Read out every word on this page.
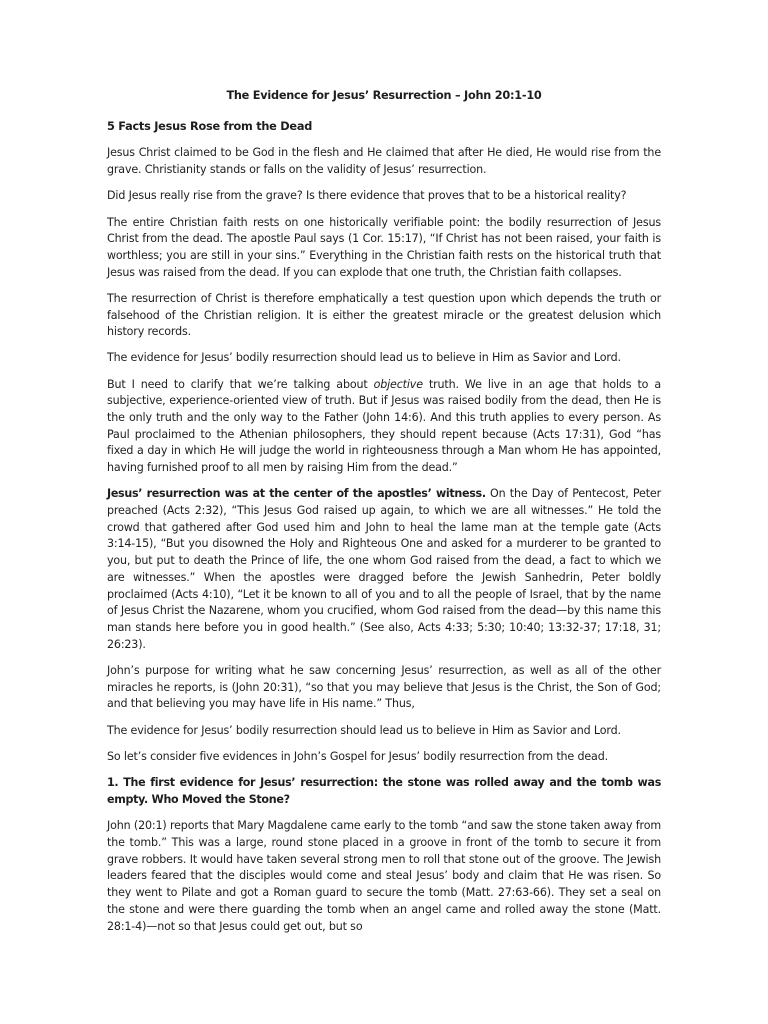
The Evidence for Jesus’ Resurrection – John 20:1-10
5 Facts Jesus Rose from the Dead

Jesus Christ claimed to be God in the flesh and He claimed that after He died, He would rise from the grave. Christianity stands or falls on the validity of Jesus’ resurrection.

Did Jesus really rise from the grave? Is there evidence that proves that to be a historical reality?

The entire Christian faith rests on one historically verifiable point: the bodily resurrection of Jesus Christ from the dead. The apostle Paul says (1 Cor. 15:17), “If Christ has not been raised, your faith is worthless; you are still in your sins.” Everything in the Christian faith rests on the historical truth that Jesus was raised from the dead. If you can explode that one truth, the Christian faith collapses.

The resurrection of Christ is therefore emphatically a test question upon which depends the truth or falsehood of the Christian religion. It is either the greatest miracle or the greatest delusion which history records.

The evidence for Jesus’ bodily resurrection should lead us to believe in Him as Savior and Lord.

But I need to clarify that we’re talking about objective truth. We live in an age that holds to a subjective, experience-oriented view of truth. But if Jesus was raised bodily from the dead, then He is the only truth and the only way to the Father (John 14:6). And this truth applies to every person. As Paul proclaimed to the Athenian philosophers, they should repent because (Acts 17:31), God “has fixed a day in which He will judge the world in righteousness through a Man whom He has appointed, having furnished proof to all men by raising Him from the dead.”

Jesus’ resurrection was at the center of the apostles’ witness. On the Day of Pentecost, Peter preached (Acts 2:32), “This Jesus God raised up again, to which we are all witnesses.” He told the crowd that gathered after God used him and John to heal the lame man at the temple gate (Acts 3:14-15), “But you disowned the Holy and Righteous One and asked for a murderer to be granted to you, but put to death the Prince of life, the one whom God raised from the dead, a fact to which we are witnesses.” When the apostles were dragged before the Jewish Sanhedrin, Peter boldly proclaimed (Acts 4:10), “Let it be known to all of you and to all the people of Israel, that by the name of Jesus Christ the Nazarene, whom you crucified, whom God raised from the dead—by this name this man stands here before you in good health.” (See also, Acts 4:33; 5:30; 10:40; 13:32-37; 17:18, 31; 26:23).

John’s purpose for writing what he saw concerning Jesus’ resurrection, as well as all of the other miracles he reports, is (John 20:31), “so that you may believe that Jesus is the Christ, the Son of God; and that believing you may have life in His name.” Thus,

The evidence for Jesus’ bodily resurrection should lead us to believe in Him as Savior and Lord.

So let’s consider five evidences in John’s Gospel for Jesus’ bodily resurrection from the dead.

1. The first evidence for Jesus’ resurrection: the stone was rolled away and the tomb was empty. Who Moved the Stone?

John (20:1) reports that Mary Magdalene came early to the tomb “and saw the stone taken away from the tomb.” This was a large, round stone placed in a groove in front of the tomb to secure it from grave robbers. It would have taken several strong men to roll that stone out of the groove. The Jewish leaders feared that the disciples would come and steal Jesus’ body and claim that He was risen. So they went to Pilate and got a Roman guard to secure the tomb (Matt. 27:63-66). They set a seal on the stone and were there guarding the tomb when an angel came and rolled away the stone (Matt. 28:1-4)—not so that Jesus could get out, but so
